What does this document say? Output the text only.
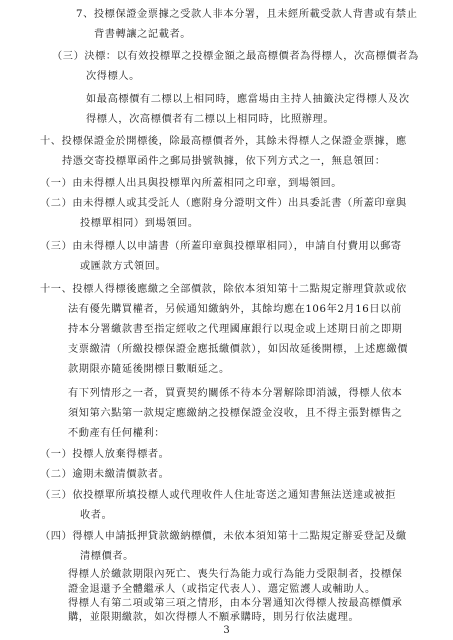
7、投標保證金票據之受款人非本分署，且未經所載受款人背書或有禁止
背書轉讓之記載者。
（三）決標：以有效投標單之投標金額之最高標價者為得標人，次高標價者為
次得標人。
如最高標價有二標以上相同時，應當場由主持人抽籤決定得標人及次
得標人，次高標價者有二標以上相同時，比照辦理。
十、投標保證金於開標後，除最高標價者外，其餘未得標人之保證金票據，應
持憑交寄投標單函件之郵局掛號執據，依下列方式之一，無息領回：
（一）由未得標人出具與投標單內所蓋相同之印章，到場領回。
（二）由未得標人或其受託人（應附身分證明文件）出具委託書（所蓋印章與
投標單相同）到場領回。
（三）由未得標人以申請書（所蓋印章與投標單相同），申請自付費用以郵寄
或匯款方式領回。
十一、投標人得標後應繳之全部價款，除依本須知第十二點規定辦理貸款或依
法有優先購買權者，另候通知繳納外，其餘均應在106年2月16日以前
持本分署繳款書至指定經收之代理國庫銀行以現金或上述期日前之即期
支票繳清（所繳投標保證金應抵繳價款），如因故延後開標，上述應繳價
款期限亦隨延後開標日數順延之。
有下列情形之一者，買賣契約關係不待本分署解除即消滅，得標人依本
須知第六點第一款規定應繳納之投標保證金沒收，且不得主張對標售之
不動產有任何權利：
（一）投標人放棄得標者。
（二）逾期未繳清價款者。
（三）依投標單所填投標人或代理收件人住址寄送之通知書無法送達或被拒
收者。
（四）得標人申請抵押貸款繳納標價，未依本須知第十二點規定辦妥登記及繳
清標價者。
得標人於繳款期限內死亡、喪失行為能力或行為能力受限制者，投標保
證金退還予全體繼承人（或指定代表人）、選定監護人或輔助人。
得標人有第二項或第三項之情形，由本分署通知次得標人按最高標價承
購，並限期繳款，如次得標人不願承購時，則另行依法處理。
3
